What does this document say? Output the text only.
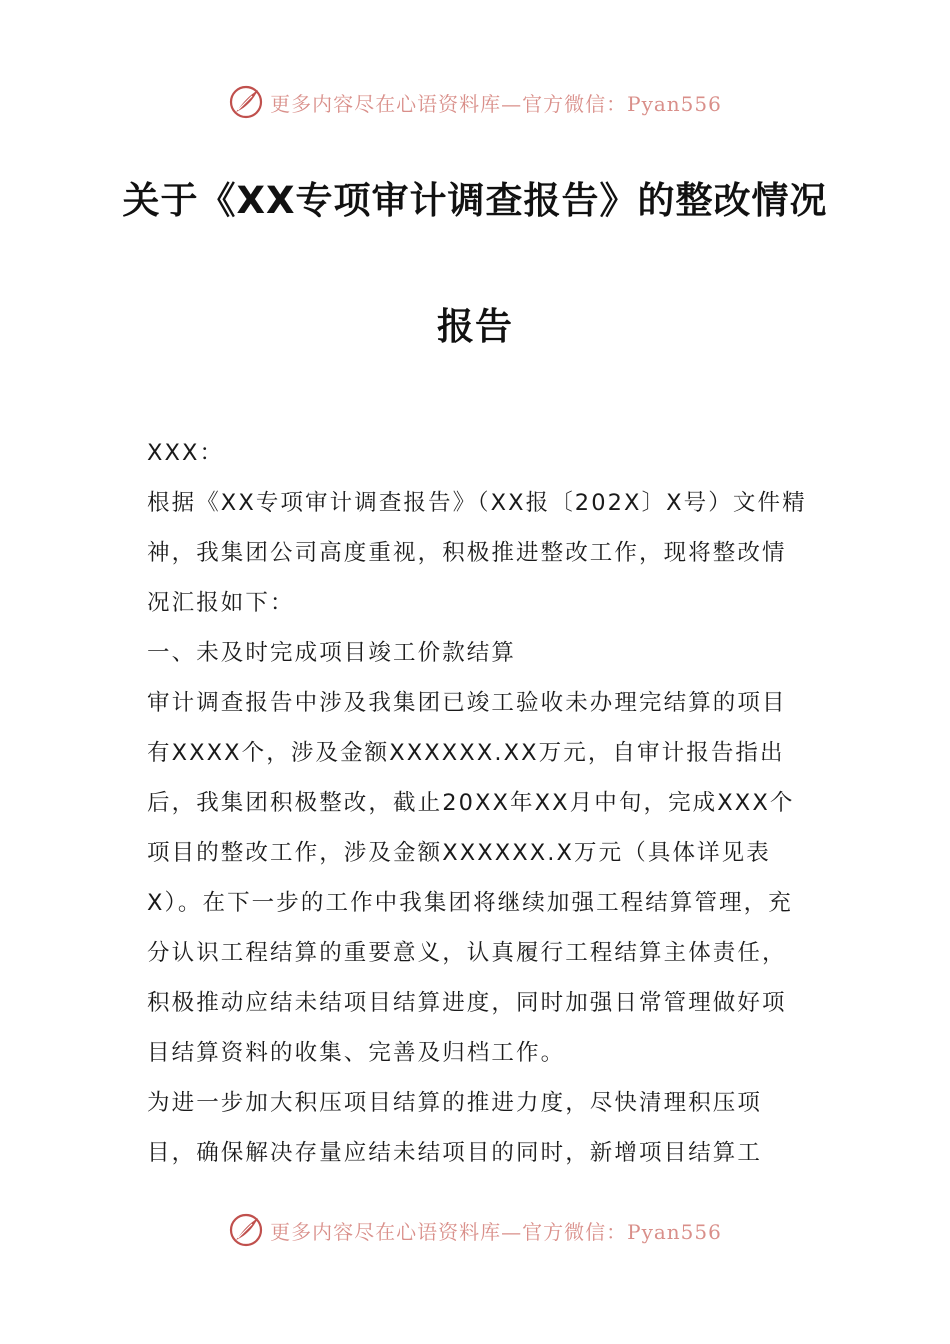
更多内容尽在心语资料库—官方微信：Pyan556
关于《XX专项审计调查报告》的整改情况
报告

XXX：

根据《XX专项审计调查报告》（XX报〔202X〕X号）文件精神，我集团公司高度重视，积极推进整改工作，现将整改情况汇报如下：

一、未及时完成项目竣工价款结算

审计调查报告中涉及我集团已竣工验收未办理完结算的项目有XXXX个，涉及金额XXXXXX.XX万元，自审计报告指出后，我集团积极整改，截止20XX年XX月中旬，完成XXX个项目的整改工作，涉及金额XXXXXX.X万元（具体详见表X）。在下一步的工作中我集团将继续加强工程结算管理，充分认识工程结算的重要意义，认真履行工程结算主体责任，积极推动应结未结项目结算进度，同时加强日常管理做好项目结算资料的收集、完善及归档工作。

为进一步加大积压项目结算的推进力度，尽快清理积压项目，确保解决存量应结未结项目的同时，新增项目结算工

更多内容尽在心语资料库—官方微信：Pyan556
